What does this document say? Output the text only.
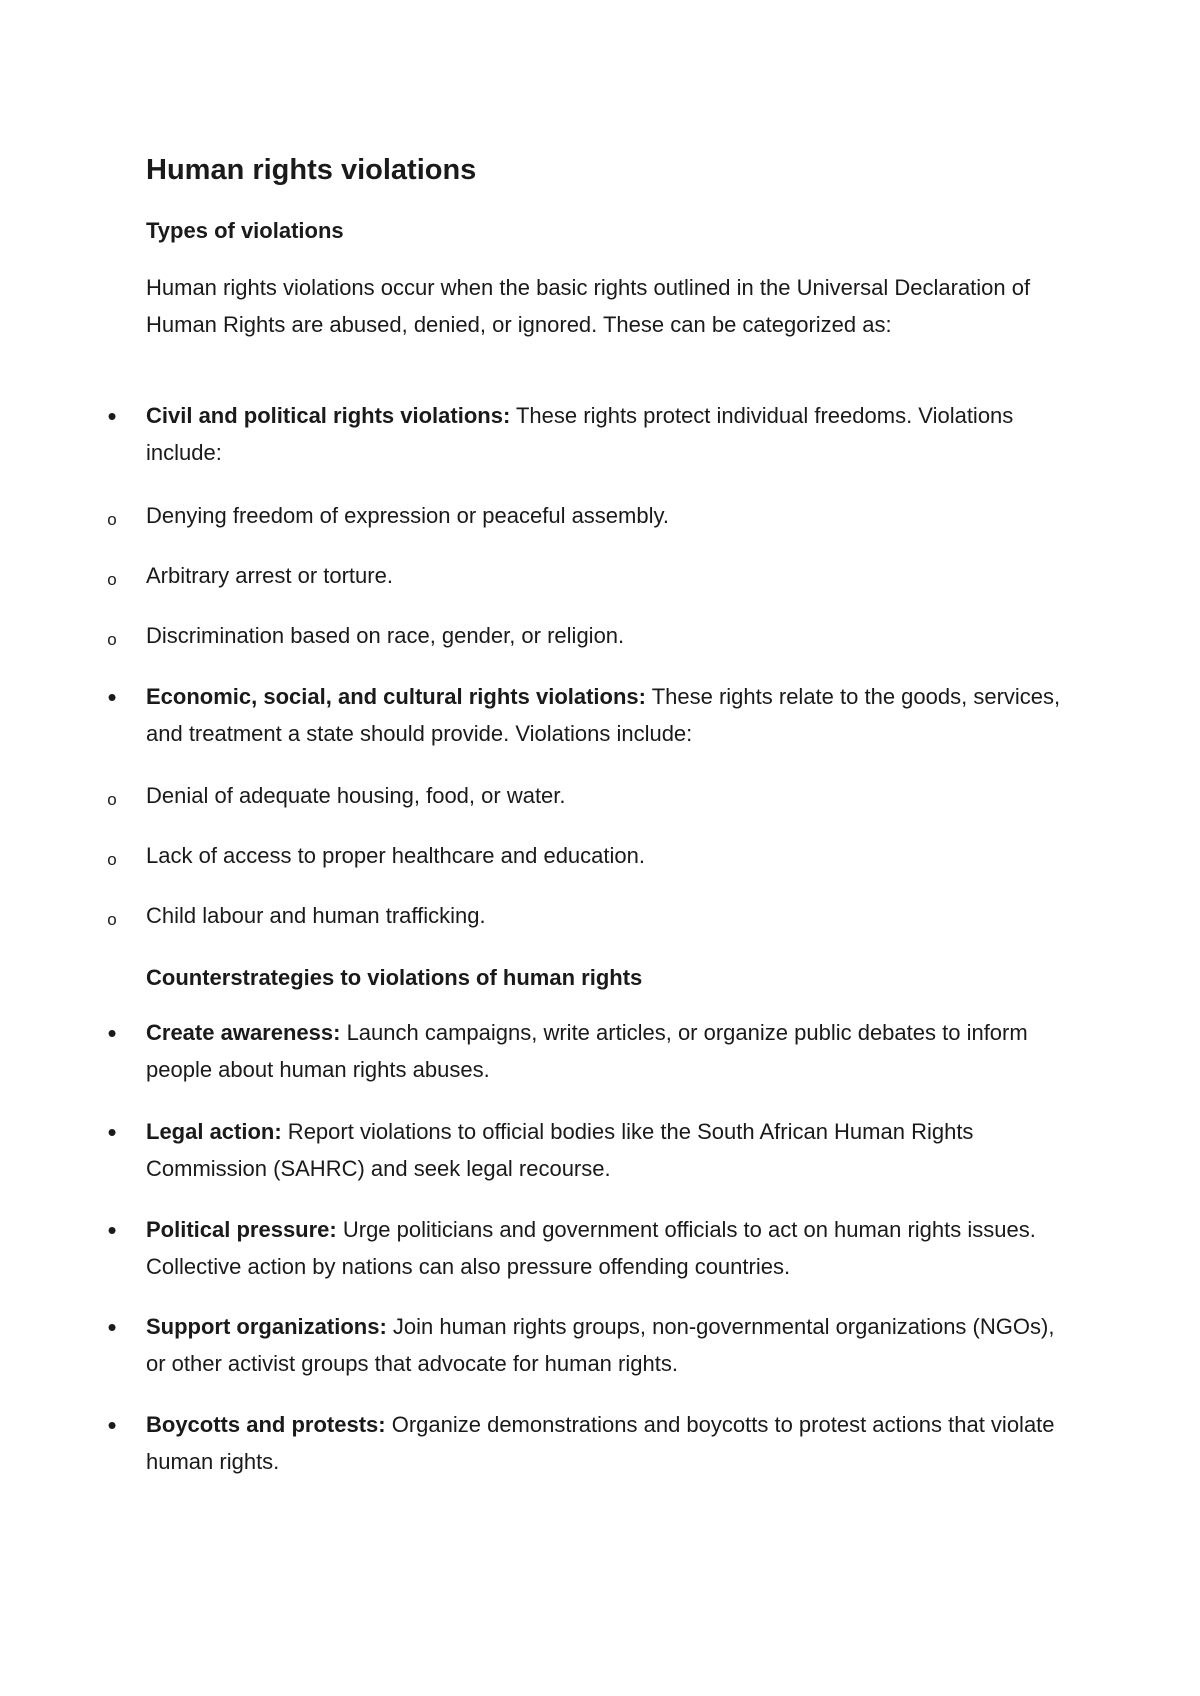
Human rights violations
Types of violations

Human rights violations occur when the basic rights outlined in the Universal Declaration of Human Rights are abused, denied, or ignored. These can be categorized as:

•	Civil and political rights violations: These rights protect individual freedoms. Violations include:

o	Denying freedom of expression or peaceful assembly.

o	Arbitrary arrest or torture.

o	Discrimination based on race, gender, or religion.

•	Economic, social, and cultural rights violations: These rights relate to the goods, services, and treatment a state should provide. Violations include:

o	Denial of adequate housing, food, or water.

o	Lack of access to proper healthcare and education.

o	Child labour and human trafficking.

Counterstrategies to violations of human rights
•	Create awareness: Launch campaigns, write articles, or organize public debates to inform people about human rights abuses.

•	Legal action: Report violations to official bodies like the South African Human Rights Commission (SAHRC) and seek legal recourse.

•	Political pressure: Urge politicians and government officials to act on human rights issues. Collective action by nations can also pressure offending countries.

•	Support organizations: Join human rights groups, non-governmental organizations (NGOs), or other activist groups that advocate for human rights.

•	Boycotts and protests: Organize demonstrations and boycotts to protest actions that violate human rights.
